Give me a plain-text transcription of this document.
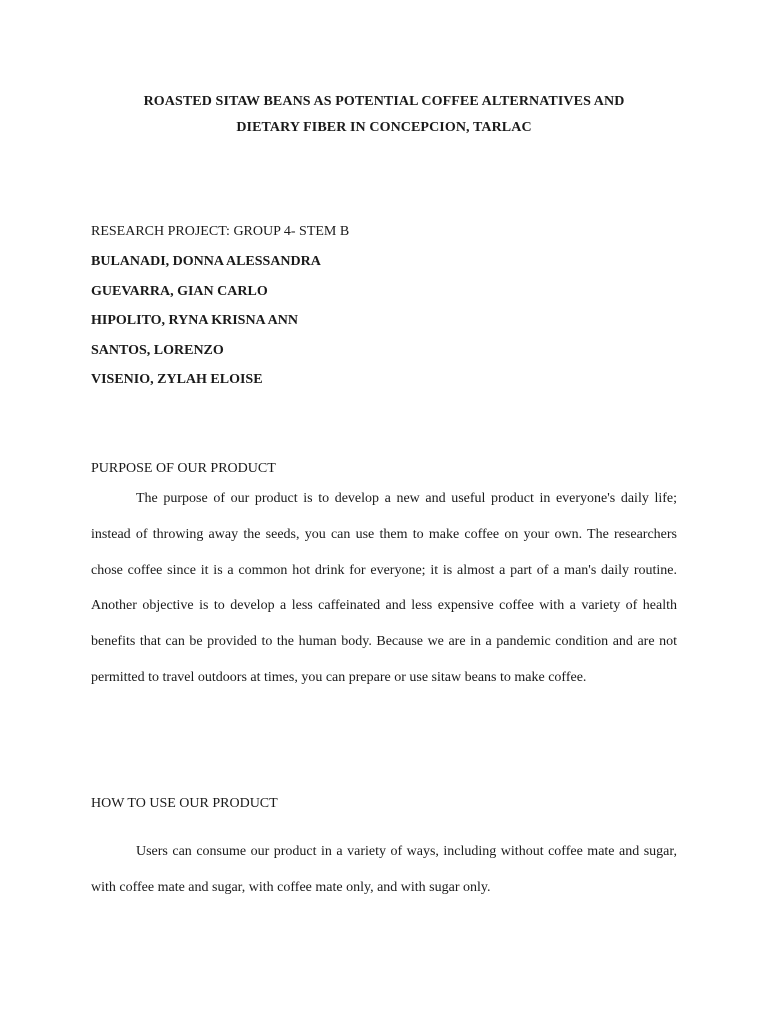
ROASTED SITAW BEANS AS POTENTIAL COFFEE ALTERNATIVES AND
DIETARY FIBER IN CONCEPCION, TARLAC
RESEARCH PROJECT: GROUP 4- STEM B
BULANADI, DONNA ALESSANDRA
GUEVARRA, GIAN CARLO
HIPOLITO, RYNA KRISNA ANN
SANTOS, LORENZO
VISENIO, ZYLAH ELOISE
PURPOSE OF OUR PRODUCT

The purpose of our product is to develop a new and useful product in everyone's daily life; instead of throwing away the seeds, you can use them to make coffee on your own. The researchers chose coffee since it is a common hot drink for everyone; it is almost a part of a man's daily routine. Another objective is to develop a less caffeinated and less expensive coffee with a variety of health benefits that can be provided to the human body. Because we are in a pandemic condition and are not permitted to travel outdoors at times, you can prepare or use sitaw beans to make coffee.

HOW TO USE OUR PRODUCT

Users can consume our product in a variety of ways, including without coffee mate and sugar, with coffee mate and sugar, with coffee mate only, and with sugar only.
